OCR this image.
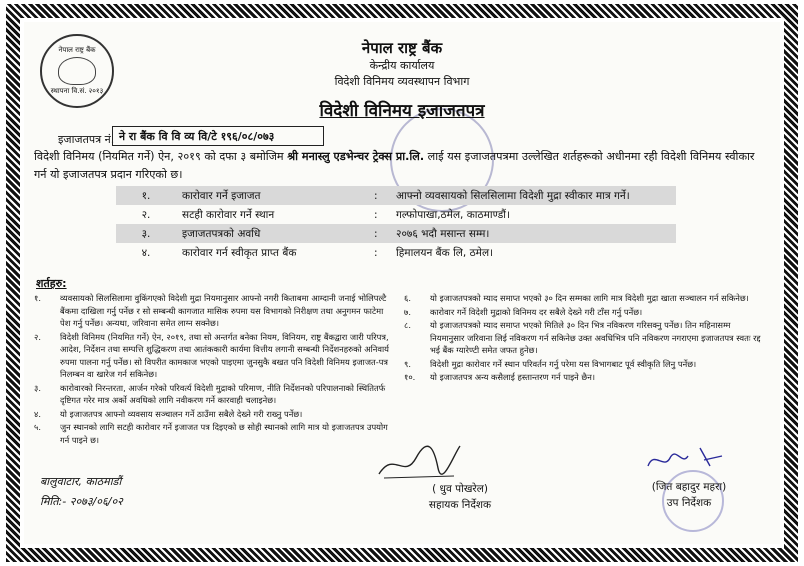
नेपाल राष्ट्र बैंक
स्थापना वि.सं. २०१३
नेपाल राष्ट्र बैंक
केन्द्रीय कार्यालय
विदेशी विनिमय व्यवस्थापन विभाग
विदेशी विनिमय इजाजतपत्र
इजाजतपत्र नं. ने रा बैंक वि वि व्य वि/टे १९६/०८/०७३
विदेशी विनिमय (नियमित गर्ने) ऐन, २०१९ को दफा ३ बमोजिम श्री मनास्लु एडभेन्चर ट्रेक्स प्रा.लि. लाई यस इजाजतपत्रमा उल्लेखित शर्तहरूको अधीनमा रही विदेशी विनिमय स्वीकार गर्न यो इजाजतपत्र प्रदान गरिएको छ।
१.	कारोवार गर्ने इजाजत	:	आफ्नो व्यवसायको सिलसिलामा विदेशी मुद्रा स्वीकार मात्र गर्ने।
२.	सटही कारोवार गर्ने स्थान	:	गल्फोपाखा,ठमेल, काठमाण्डौं।
३.	इजाजतपत्रको अवधि	:	२०७६ भदौ मसान्त सम्म।
४.	कारोवार गर्न स्वीकृत प्राप्त बैंक	:	हिमालयन बैंक लि, ठमेल।
शर्तहरु:
१.	व्यवसायको सिलसिलामा वुकिंगएको विदेशी मुद्रा नियमानुसार आफ्नो नगरी किताबमा आम्दानी जनाई भोलिपल्टै बैंकमा दाखिला गर्नु पर्नेछ र सो सम्बन्धी कागजात मासिक रुपमा यस विभागको निरीक्षण तथा अनुगमन फाटेमा पेश गर्नु पर्नेछ। अन्यथा, जरिवाना समेत लाग्न सक्नेछ।
२.	विदेशी विनिमय (नियमित गर्ने) ऐन, २०१९, तथा सो अन्तर्गत बनेका नियम, विनियम, राष्ट्र बैंकद्वारा जारी परिपत्र, आदेश, निर्देशन तथा सम्पत्ति शुद्धिकरण तथा आतंककारी कार्यमा वित्तीय लगानी सम्बन्धी निर्देशनहरुको अनिवार्य रुपमा पालना गर्नु पर्नेछ। सो विपरीत कामकाज भएको पाइएमा जुनसुकै बखत पनि विदेशी विनिमय इजाजत-पत्र निलम्बन वा खारेज गर्न सकिनेछ।
३.	कारोवारको निरन्तरता, आर्जन गरेको परिवर्त्य विदेशी मुद्राको परिमाण, नीति निर्देशनको परिपालनाको स्थितितर्फ दृष्टिगत गरेर मात्र अर्को अवधिको लागि नवीकरण गर्ने कारवाही चलाइनेछ।
४.	यो इजाजतपत्र आफ्नो व्यवसाय सञ्चालन गर्ने ठाउँमा सबैले देख्ने गरी राख्नु पर्नेछ।
५.	जुन स्थानको लागि सटही कारोवार गर्ने इजाजत पत्र दिइएको छ सोही स्थानको लागि मात्र यो इजाजतपत्र उपयोग गर्न पाइने छ।
६.	यो इजाजतपत्रको म्याद समाप्त भएको ३० दिन सम्मका लागि मात्र विदेशी मुद्रा खाता सञ्चालन गर्न सकिनेछ।
७.	कारोवार गर्ने विदेशी मुद्राको विनिमय दर सबैले देख्ने गरी टाँस गर्नु पर्नेछ।
८.	यो इजाजतपत्रको म्याद समाप्त भएको मितिले ३० दिन भित्र नविकरण गरिसक्नु पर्नेछ। तिन महिनासम्म नियमानुसार जरिवाना लिई नविकरण गर्न सकिनेछ उक्त अवधिभित्र पनि नविकरण नगराएमा इजाजतपत्र स्वतः रद्द भई बैंक ग्यारेण्टी समेत जफत हुनेछ।
९.	विदेशी मुद्रा कारोवार गर्ने स्थान परिवर्तन गर्नु परेमा यस विभागबाट पूर्व स्वीकृति लिनु पर्नेछ।
१०.	यो इजाजतपत्र अन्य कसैलाई हस्तान्तरण गर्न पाइने छैन।
बालुवाटार, काठमाडौं
मिति:- २०७३/०६/०२
( धुव पोखरेल)
सहायक निर्देशक
(जित बहादुर महरा)
उप निर्देशक
